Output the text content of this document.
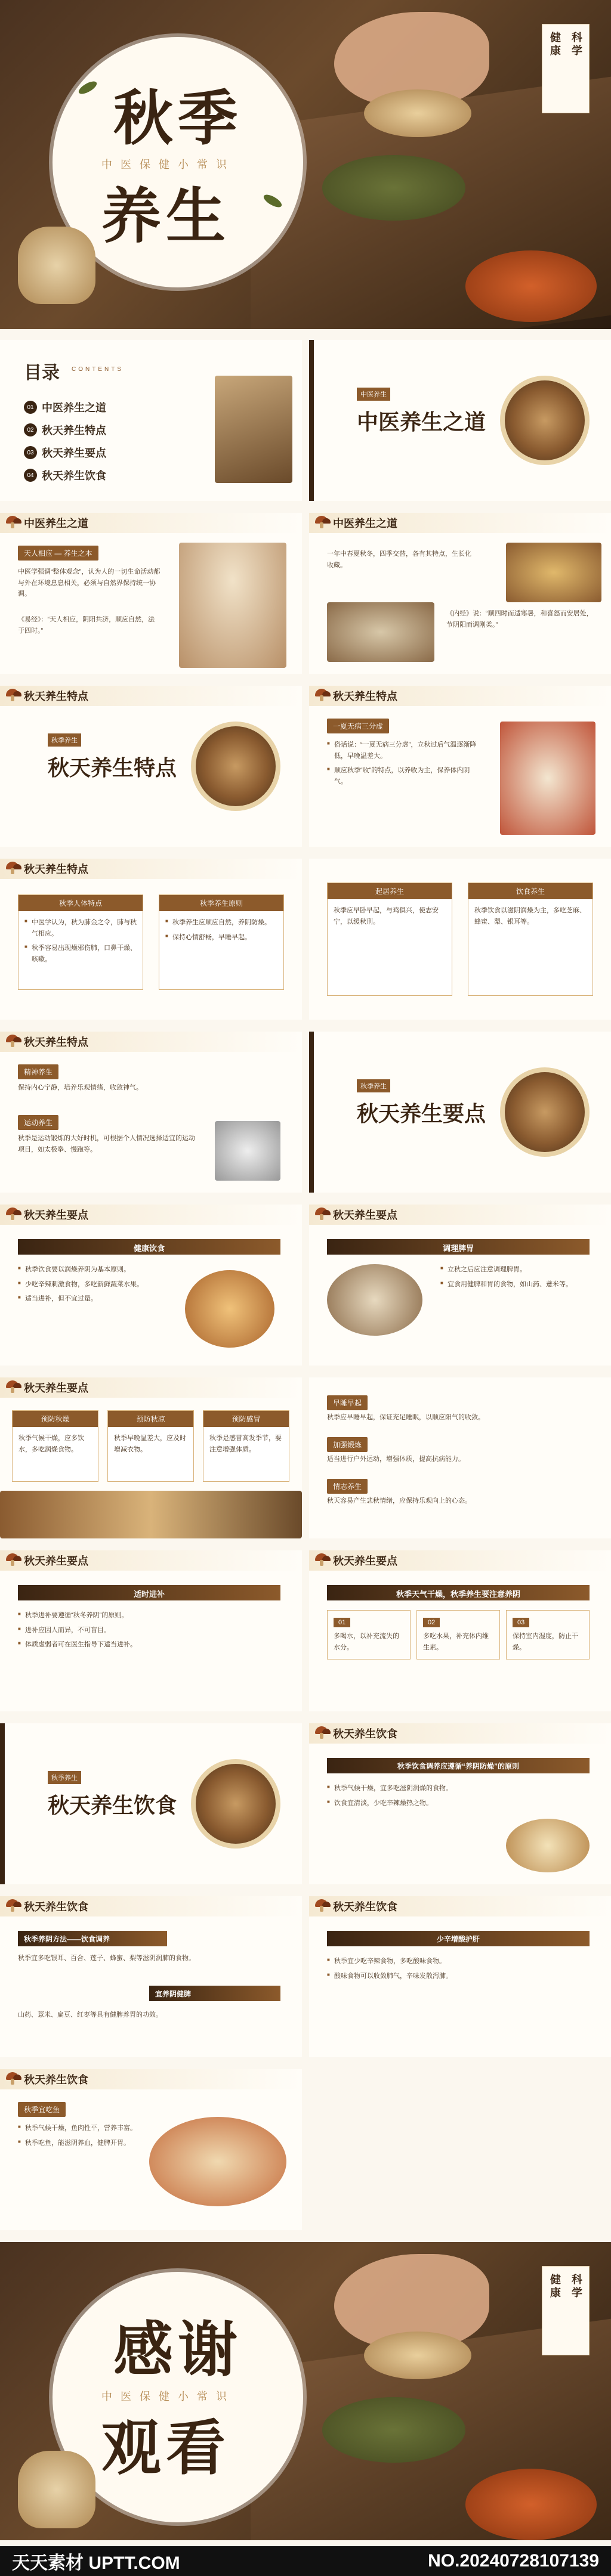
秋季
中医保健小常识
养生
科学
健康
目录 CONTENTS
01 中医养生之道
02 秋天养生特点
03 秋天养生要点
04 秋天养生饮食
中医养生
中医养生之道
中医养生之道
天人相应 — 养生之本
中医学强调“整体观念”，认为人的一切生命活动都与外在环境息息相关，必须与自然界保持统一协调。
《易经》：“天人相应，阴阳共济，顺应自然，法于四时。”
中医养生之道
一年中春夏秋冬，四季交替，各有其特点，生长化收藏。
《内经》说：“顺四时而适寒暑，和喜怒而安居处，节阴阳而调刚柔。”
秋天养生特点
秋季养生
秋天养生特点
秋天养生特点
一夏无病三分虚
■ 俗话说：“一夏无病三分虚”，立秋过后气温逐渐降低，早晚温差大。
■ 顺应秋季“收”的特点，以养收为主，保养体内阴气。
秋天养生特点
秋季人体特点
■ 中医学认为，秋为肺金之令，肺与秋气相应。
■ 秋季容易出现燥邪伤肺，口鼻干燥、咳嗽。
秋季养生原则
■ 秋季养生应顺应自然，养阴防燥。
■ 保持心情舒畅，早睡早起。
起居养生
秋季应早卧早起，与鸡俱兴，使志安宁，以缓秋刑。
饮食养生
秋季饮食以滋阴润燥为主，多吃芝麻、蜂蜜、梨、银耳等。
秋天养生特点
精神养生
保持内心宁静，培养乐观情绪，收敛神气。
运动养生
秋季是运动锻炼的大好时机，可根据个人情况选择适宜的运动项目，如太极拳、慢跑等。
秋季养生
秋天养生要点
秋天养生要点
健康饮食
■ 秋季饮食要以润燥养阴为基本原则。
■ 少吃辛辣刺激食物，多吃新鲜蔬菜水果。
■ 适当进补，但不宜过量。
秋天养生要点
调理脾胃
■ 立秋之后应注意调理脾胃。
■ 宜食用健脾和胃的食物，如山药、薏米等。
秋天养生要点
预防秋燥
秋季气候干燥，应多饮水，多吃润燥食物。
预防秋凉
秋季早晚温差大，应及时增减衣物。
预防感冒
秋季是感冒高发季节，要注意增强体质。
早睡早起
秋季应早睡早起，保证充足睡眠，以顺应阳气的收敛。
加强锻炼
适当进行户外运动，增强体质，提高抗病能力。
情志养生
秋天容易产生悲秋情绪，应保持乐观向上的心态。
秋天养生要点
适时进补
■ 秋季进补要遵循“秋冬养阴”的原则。
■ 进补应因人而异，不可盲目。
■ 体质虚弱者可在医生指导下适当进补。
秋天养生要点
秋季天气干燥，秋季养生要注意养阴
01
多喝水，以补充流失的水分。
02
多吃水果，补充体内维生素。
03
保持室内湿度，防止干燥。
秋季养生
秋天养生饮食
秋天养生饮食
秋季饮食调养应遵循“养阴防燥”的原则
■ 秋季气候干燥，宜多吃滋阴润燥的食物。
■ 饮食宜清淡，少吃辛辣燥热之物。
秋天养生饮食
秋季养阴方法——饮食调养
秋季宜多吃银耳、百合、莲子、蜂蜜、梨等滋阴润肺的食物。
宜养阴健脾
山药、薏米、扁豆、红枣等具有健脾养胃的功效。
秋天养生饮食
少辛增酸护肝
■ 秋季宜少吃辛辣食物，多吃酸味食物。
■ 酸味食物可以收敛肺气，辛味发散泻肺。
秋天养生饮食
秋季宜吃鱼
■ 秋季气候干燥，鱼肉性平，营养丰富。
■ 秋季吃鱼，能滋阴养血，健脾开胃。
感谢
中医保健小常识
观看
科学
健康
天天素材 UPTT.COM	NO.20240728107139
